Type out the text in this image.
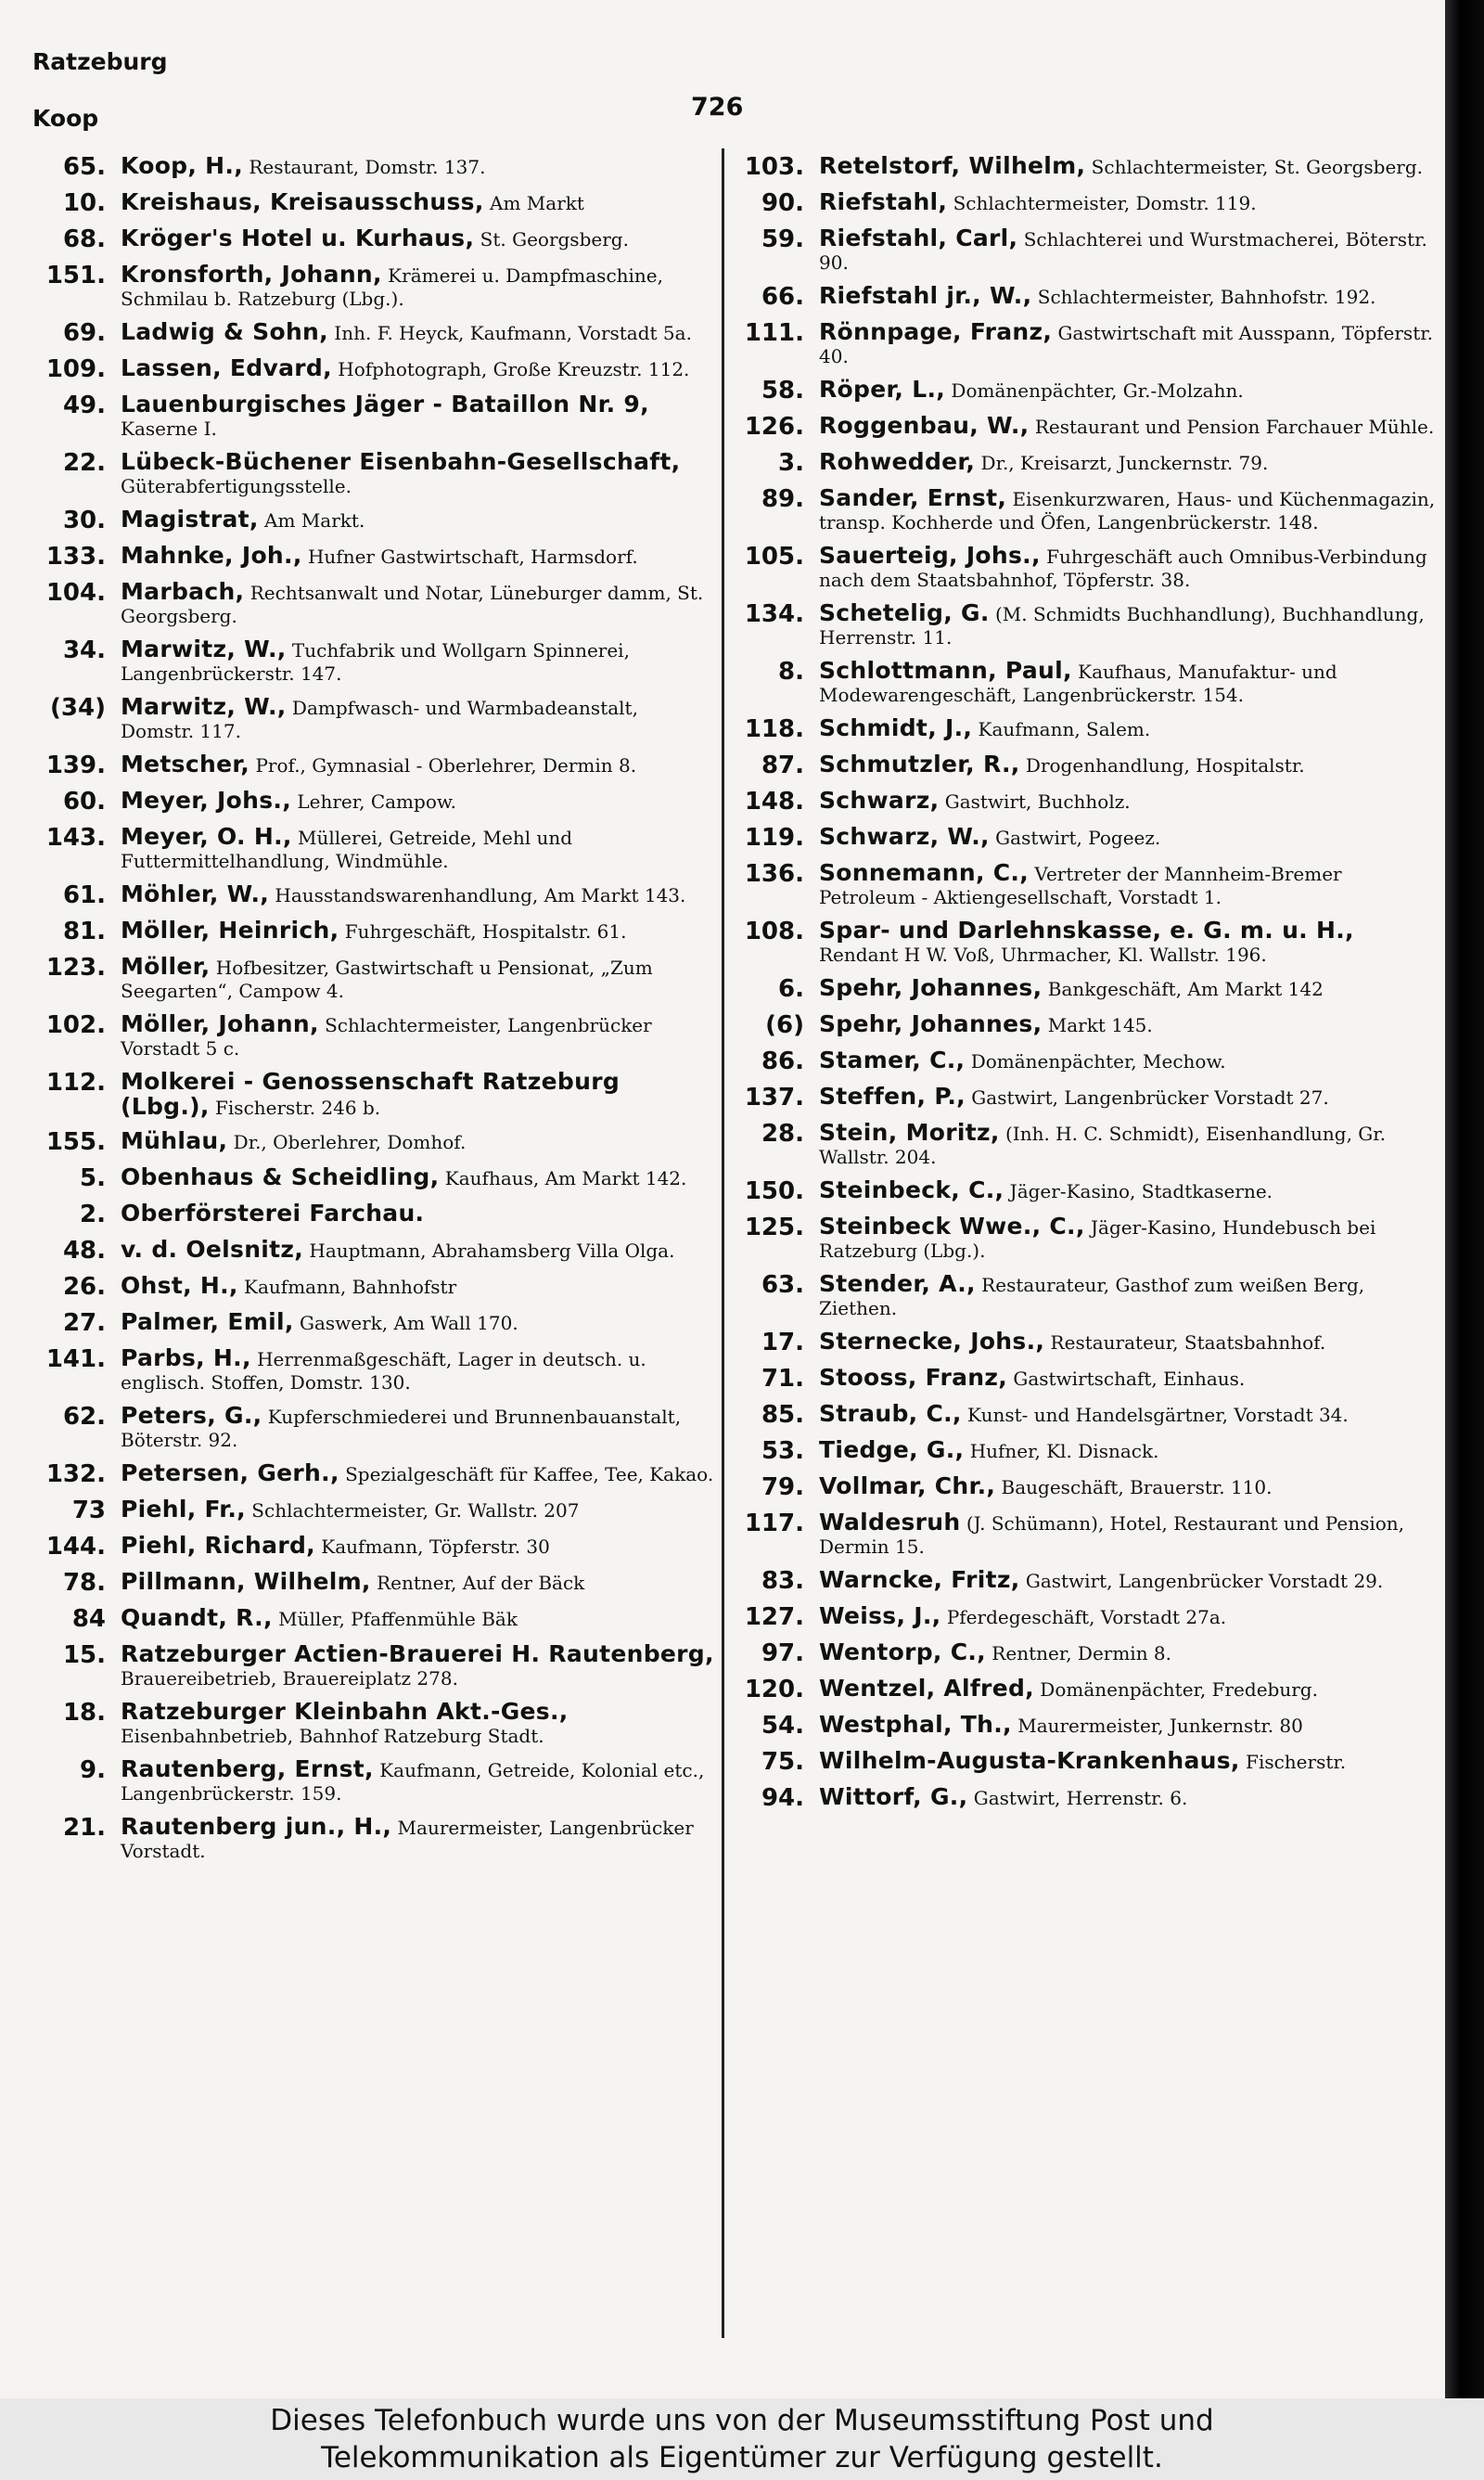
Ratzeburg
Koop	726
65. Koop, H., Restaurant, Domstr. 137.
10. Kreishaus, Kreisausschuss, Am Markt
68. Kröger's Hotel u. Kurhaus, St. Georgsberg.
151. Kronsforth, Johann, Krämerei u. Dampfmaschine, Schmilau b. Ratzeburg (Lbg.).
69. Ladwig & Sohn, Inh. F. Heyck, Kaufmann, Vorstadt 5a.
109. Lassen, Edvard, Hofphotograph, Große Kreuzstr. 112.
49. Lauenburgisches Jäger - Bataillon Nr. 9, Kaserne I.
22. Lübeck-Büchener Eisenbahn-Gesellschaft, Güterabfertigungsstelle.
30. Magistrat, Am Markt.
133. Mahnke, Joh., Hufner Gastwirtschaft, Harmsdorf.
104. Marbach, Rechtsanwalt und Notar, Lüneburger damm, St. Georgsberg.
34. Marwitz, W., Tuchfabrik und Wollgarn Spinnerei, Langenbrückerstr. 147.
(34) Marwitz, W., Dampfwasch- und Warmbadeanstalt, Domstr. 117.
139. Metscher, Prof., Gymnasial - Oberlehrer, Dermin 8.
60. Meyer, Johs., Lehrer, Campow.
143. Meyer, O. H., Müllerei, Getreide, Mehl und Futtermittelhandlung, Windmühle.
61. Möhler, W., Hausstandswarenhandlung, Am Markt 143.
81. Möller, Heinrich, Fuhrgeschäft, Hospitalstr. 61.
123. Möller, Hofbesitzer, Gastwirtschaft u Pensionat, „Zum Seegarten“, Campow 4.
102. Möller, Johann, Schlachtermeister, Langenbrücker Vorstadt 5 c.
112. Molkerei - Genossenschaft Ratzeburg (Lbg.), Fischerstr. 246 b.
155. Mühlau, Dr., Oberlehrer, Domhof.
5. Obenhaus & Scheidling, Kaufhaus, Am Markt 142.
2. Oberförsterei Farchau.
48. v. d. Oelsnitz, Hauptmann, Abrahamsberg Villa Olga.
26. Ohst, H., Kaufmann, Bahnhofstr
27. Palmer, Emil, Gaswerk, Am Wall 170.
141. Parbs, H., Herrenmaßgeschäft, Lager in deutsch. u. englisch. Stoffen, Domstr. 130.
62. Peters, G., Kupferschmiederei und Brunnenbauanstalt, Böterstr. 92.
132. Petersen, Gerh., Spezialgeschäft für Kaffee, Tee, Kakao.
73 Piehl, Fr., Schlachtermeister, Gr. Wallstr. 207
144. Piehl, Richard, Kaufmann, Töpferstr. 30
78. Pillmann, Wilhelm, Rentner, Auf der Bäck
84 Quandt, R., Müller, Pfaffenmühle Bäk
15. Ratzeburger Actien-Brauerei H. Rautenberg, Brauereibetrieb, Brauereiplatz 278.
18. Ratzeburger Kleinbahn Akt.-Ges., Eisenbahnbetrieb, Bahnhof Ratzeburg Stadt.
9. Rautenberg, Ernst, Kaufmann, Getreide, Kolonial etc., Langenbrückerstr. 159.
21. Rautenberg jun., H., Maurermeister, Langenbrücker Vorstadt.
103. Retelstorf, Wilhelm, Schlachtermeister, St. Georgsberg.
90. Riefstahl, Schlachtermeister, Domstr. 119.
59. Riefstahl, Carl, Schlachterei und Wurstmacherei, Böterstr. 90.
66. Riefstahl jr., W., Schlachtermeister, Bahnhofstr. 192.
111. Rönnpage, Franz, Gastwirtschaft mit Ausspann, Töpferstr. 40.
58. Röper, L., Domänenpächter, Gr.-Molzahn.
126. Roggenbau, W., Restaurant und Pension Farchauer Mühle.
3. Rohwedder, Dr., Kreisarzt, Junckernstr. 79.
89. Sander, Ernst, Eisenkurzwaren, Haus- und Küchenmagazin, transp. Kochherde und Öfen, Langenbrückerstr. 148.
105. Sauerteig, Johs., Fuhrgeschäft auch Omnibus-Verbindung nach dem Staatsbahnhof, Töpferstr. 38.
134. Schetelig, G. (M. Schmidts Buchhandlung), Buchhandlung, Herrenstr. 11.
8. Schlottmann, Paul, Kaufhaus, Manufaktur- und Modewarengeschäft, Langenbrückerstr. 154.
118. Schmidt, J., Kaufmann, Salem.
87. Schmutzler, R., Drogenhandlung, Hospitalstr.
148. Schwarz, Gastwirt, Buchholz.
119. Schwarz, W., Gastwirt, Pogeez.
136. Sonnemann, C., Vertreter der Mannheim-Bremer Petroleum - Aktiengesellschaft, Vorstadt 1.
108. Spar- und Darlehnskasse, e. G. m. u. H., Rendant H W. Voß, Uhrmacher, Kl. Wallstr. 196.
6. Spehr, Johannes, Bankgeschäft, Am Markt 142
(6) Spehr, Johannes, Markt 145.
86. Stamer, C., Domänenpächter, Mechow.
137. Steffen, P., Gastwirt, Langenbrücker Vorstadt 27.
28. Stein, Moritz, (Inh. H. C. Schmidt), Eisenhandlung, Gr. Wallstr. 204.
150. Steinbeck, C., Jäger-Kasino, Stadtkaserne.
125. Steinbeck Wwe., C., Jäger-Kasino, Hundebusch bei Ratzeburg (Lbg.).
63. Stender, A., Restaurateur, Gasthof zum weißen Berg, Ziethen.
17. Sternecke, Johs., Restaurateur, Staatsbahnhof.
71. Stooss, Franz, Gastwirtschaft, Einhaus.
85. Straub, C., Kunst- und Handelsgärtner, Vorstadt 34.
53. Tiedge, G., Hufner, Kl. Disnack.
79. Vollmar, Chr., Baugeschäft, Brauerstr. 110.
117. Waldesruh (J. Schümann), Hotel, Restaurant und Pension, Dermin 15.
83. Warncke, Fritz, Gastwirt, Langenbrücker Vorstadt 29.
127. Weiss, J., Pferdegeschäft, Vorstadt 27a.
97. Wentorp, C., Rentner, Dermin 8.
120. Wentzel, Alfred, Domänenpächter, Fredeburg.
54. Westphal, Th., Maurermeister, Junkernstr. 80
75. Wilhelm-Augusta-Krankenhaus, Fischerstr.
94. Wittorf, G., Gastwirt, Herrenstr. 6.
Dieses Telefonbuch wurde uns von der Museumsstiftung Post und
Telekommunikation als Eigentümer zur Verfügung gestellt.
